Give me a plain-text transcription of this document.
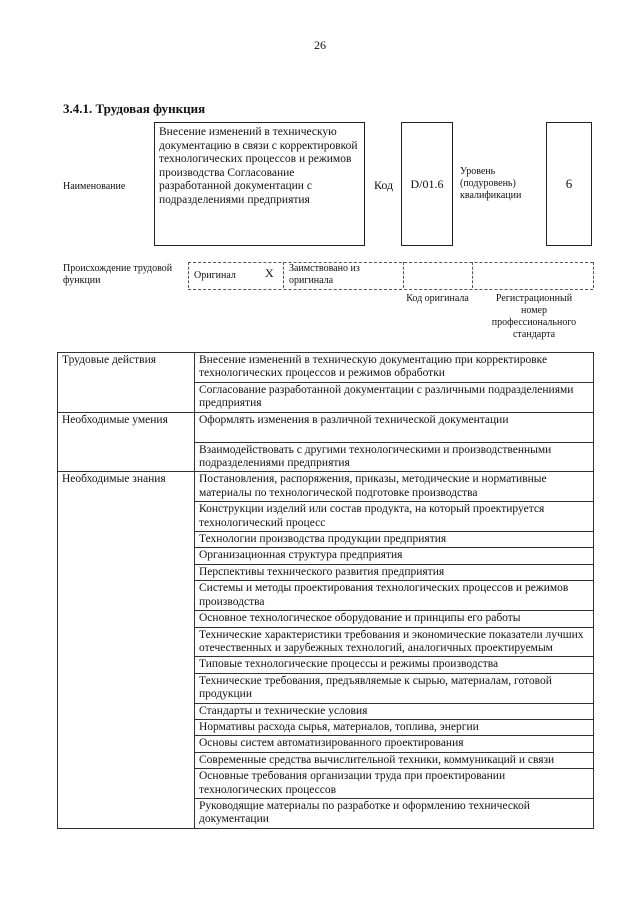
26
3.4.1. Трудовая функция
Наименование
Внесение изменений в техническую документацию в связи с корректировкой технологических процессов и режимов производства Согласование разработанной документации с подразделениями предприятия
Код D/01.6
Уровень (подуровень) квалификации
6
Происхождение трудовой функции	Оригинал X Заимствовано из оригинала
Код оригинала	Регистрационный номер профессионального стандарта
Трудовые действия	Внесение изменений в техническую документацию при корректировке технологических процессов и режимов обработки
	Согласование разработанной документации с различными подразделениями предприятия
Необходимые умения	Оформлять изменения в различной технической документации
	Взаимодействовать с другими технологическими и производственными подразделениями предприятия
Необходимые знания	Постановления, распоряжения, приказы, методические и нормативные материалы по технологической подготовке производства
	Конструкции изделий или состав продукта, на который проектируется технологический процесс
	Технологии производства продукции предприятия
	Организационная структура предприятия
	Перспективы технического развития предприятия
	Системы и методы проектирования технологических процессов и режимов производства
	Основное технологическое оборудование и принципы его работы
	Технические характеристики требования и экономические показатели лучших отечественных и зарубежных технологий, аналогичных проектируемым
	Типовые технологические процессы и режимы производства
	Технические требования, предъявляемые к сырью, материалам, готовой продукции
	Стандарты и технические условия
	Нормативы расхода сырья, материалов, топлива, энергии
	Основы систем автоматизированного проектирования
	Современные средства вычислительной техники, коммуникаций и связи
	Основные требования организации труда при проектировании технологических процессов
	Руководящие материалы по разработке и оформлению технической документации
